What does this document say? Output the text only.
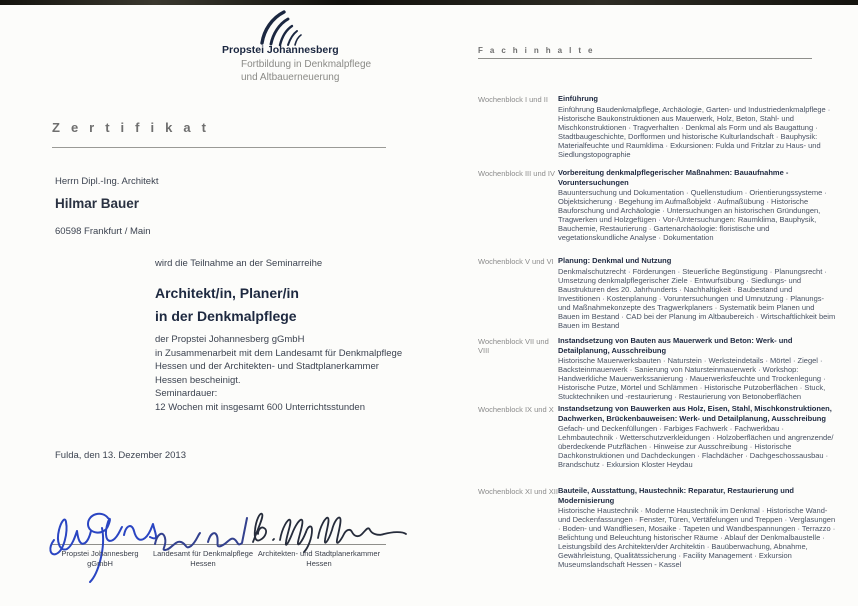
Propstei Johannesberg
Fortbildung in Denkmalpflege
und Altbauerneuerung
Zertifikat
Herrn Dipl.-Ing. Architekt
Hilmar Bauer
60598 Frankfurt / Main
wird die Teilnahme an der Seminarreihe
Architekt/in, Planer/in
in der Denkmalpflege
der Propstei Johannesberg gGmbH
in Zusammenarbeit mit dem Landesamt für Denkmalpflege
Hessen und der Architekten- und Stadtplanerkammer
Hessen bescheinigt.
Seminardauer:
12 Wochen mit insgesamt 600 Unterrichtsstunden
Fulda, den 13. Dezember 2013
Propstei Johannesberg gGmbH
Landesamt für Denkmalpflege
Hessen
Architekten- und Stadtplanerkammer
Hessen
Fachinhalte
Wochenblock I und II	Einführung
Einführung Baudenkmalpflege, Archäologie, Garten- und Industriedenkmalpflege · Historische Baukonstruktionen aus Mauerwerk, Holz, Beton, Stahl- und Mischkonstruktionen · Tragverhalten · Denkmal als Form und als Baugattung · Stadtbaugeschichte, Dorfformen und historische Kulturlandschaft · Bauphysik: Materialfeuchte und Raumklima · Exkursionen: Fulda und Fritzlar zu Haus- und Siedlungstopographie
Wochenblock III und IV Vorbereitung denkmalpflegerischer Maßnahmen: Bauaufnahme - Voruntersuchungen
Bauuntersuchung und Dokumentation · Quellenstudium · Orientierungssysteme · Objektsicherung · Begehung im Aufmaßobjekt · Aufmaßübung · Historische Bauforschung und Archäologie · Untersuchungen an historischen Gründungen, Tragwerken und Holzgefügen · Vor-/Untersuchungen: Raumklima, Bauphysik, Bauchemie, Restaurierung · Gartenarchäologie: floristische und vegetationskundliche Analyse · Dokumentation
Wochenblock V und VI Planung: Denkmal und Nutzung
Denkmalschutzrecht · Förderungen · Steuerliche Begünstigung · Planungsrecht · Umsetzung denkmalpflegerischer Ziele · Entwurfsübung · Siedlungs- und Baustrukturen des 20. Jahrhunderts · Nachhaltigkeit · Baubestand und Investitionen · Kostenplanung · Voruntersuchungen und Umnutzung · Planungs- und Maßnahmekonzepte des Tragwerkplaners · Systematik beim Planen und Bauen im Bestand · CAD bei der Planung im Altbaubereich · Wirtschaftlichkeit beim Bauen im Bestand
Wochenblock VII und VIII
Instandsetzung von Bauten aus Mauerwerk und Beton: Werk- und Detailplanung, Ausschreibung
Historische Mauerwerksbauten · Naturstein · Werksteindetails · Mörtel · Ziegel · Backsteinmauerwerk · Sanierung von Natursteinmauerwerk · Workshop: Handwerkliche Mauerwerkssanierung · Mauerwerksfeuchte und Trockenlegung · Historische Putze, Mörtel und Schlämmen · Historische Putzoberflächen · Stuck, Stucktechniken und -restaurierung · Restaurierung von Betonoberflächen
Wochenblock IX und X Instandsetzung von Bauwerken aus Holz, Eisen, Stahl, Mischkonstruktionen, Dachwerken, Brückenbauweisen: Werk- und Detailplanung, Ausschreibung
Gefach- und Deckenfüllungen · Farbiges Fachwerk · Fachwerkbau · Lehmbautechnik · Wetterschutzverkleidungen · Holzoberflächen und angrenzende/überdeckende Putzflächen · Hinweise zur Ausschreibung · Historische Dachkonstruktionen und Dachdeckungen · Flachdächer · Dachgeschossausbau · Brandschutz · Exkursion Kloster Heydau
Wochenblock XI und XII Bauteile, Ausstattung, Haustechnik: Reparatur, Restaurierung und Modernisierung
Historische Haustechnik · Moderne Haustechnik im Denkmal · Historische Wand- und Deckenfassungen · Fenster, Türen, Vertäfelungen und Treppen · Verglasungen · Boden- und Wandfliesen, Mosaike · Tapeten und Wandbespannungen · Terrazzo · Belichtung und Beleuchtung historischer Räume · Ablauf der Denkmalbaustelle · Leistungsbild des Architekten/der Architektin · Bauüberwachung, Abnahme, Gewährleistung, Qualitätssicherung · Facility Management · Exkursion Museumslandschaft Hessen - Kassel
